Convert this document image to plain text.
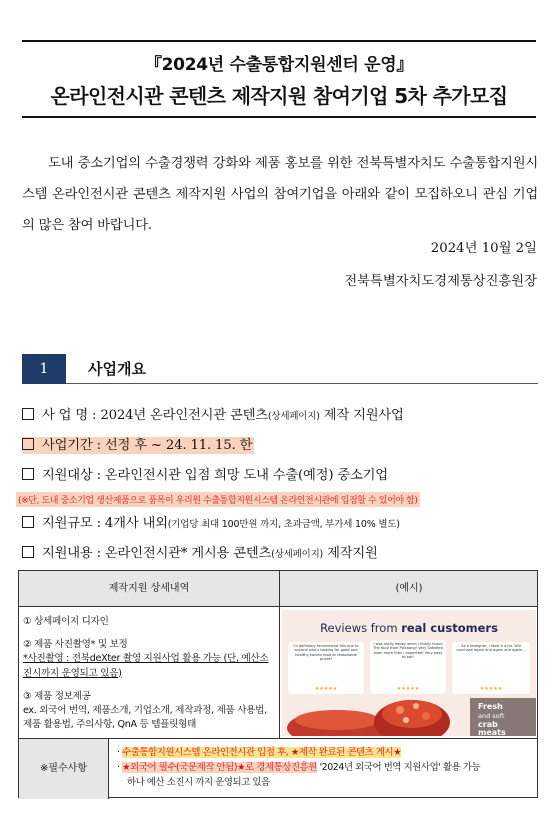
『2024년 수출통합지원센터 운영』
온라인전시관 콘텐츠 제작지원 참여기업 5차 추가모집
도내 중소기업의 수출경쟁력 강화와 제품 홍보를 위한 전북특별자치도 수출통합지원시스템 온라인전시관 콘텐츠 제작지원 사업의 참여기업을 아래와 같이 모집하오니 관심 기업의 많은 참여 바랍니다.
2024년 10월 2일
전북특별자치도경제통상진흥원장
1	사업개요
사 업 명 : 2024년 온라인전시관 콘텐츠(상세페이지) 제작 지원사업
사업기간 : 선정 후 ~ 24. 11. 15. 한
지원대상 : 온라인전시관 입점 희망 도내 수출(예정) 중소기업
(※단, 도내 중소기업 생산제품으로 품목이 우리원 수출통합지원시스템 온라인전시관에 입점할 수 있어야 함)
지원규모 : 4개사 내외(기업당 최대 100만원 까지, 초과금액, 부가세 10% 별도)
지원내용 : 온라인전시관* 게시용 콘텐츠(상세페이지) 제작지원
제작지원 상세내역	(예시)

① 상세페이지 디자인

② 제품 사진촬영* 및 보정

*사진촬영 : 전북deXter 촬영 지원사업 활용 가능 (단, 예산소진시까지 운영되고 있음)

③ 제품 정보제공

ex. 외국어 번역, 제품소개, 기업소개, 제작과정, 제품 사용법, 제품 활용법, 주의사항, QnA 등 템플릿형태

Reviews from real customers
I'd definitely recommend this one to anyone who's looking for good and healthy korean food at reasonable prices!
★★★★★
I was really happy when I finally found The food from Pickbang! Very Satisfied even more than I expected! Very easy to eat!
★★★★★
As a foreigner, I liked it a lot. Will purchase again and again and again...
★★★★★
Fresh
and soft
crab
meats
※필수사항
· 수출통합지원시스템 온라인전시관 입점 후, ★제작 완료된 콘텐츠 게시★
· ★외국어 필수(국문제작 안됨)★로 경제통상진흥원 '2024년 외국어 번역 지원사업' 활용 가능
하나 예산 소진시 까지 운영되고 있음
